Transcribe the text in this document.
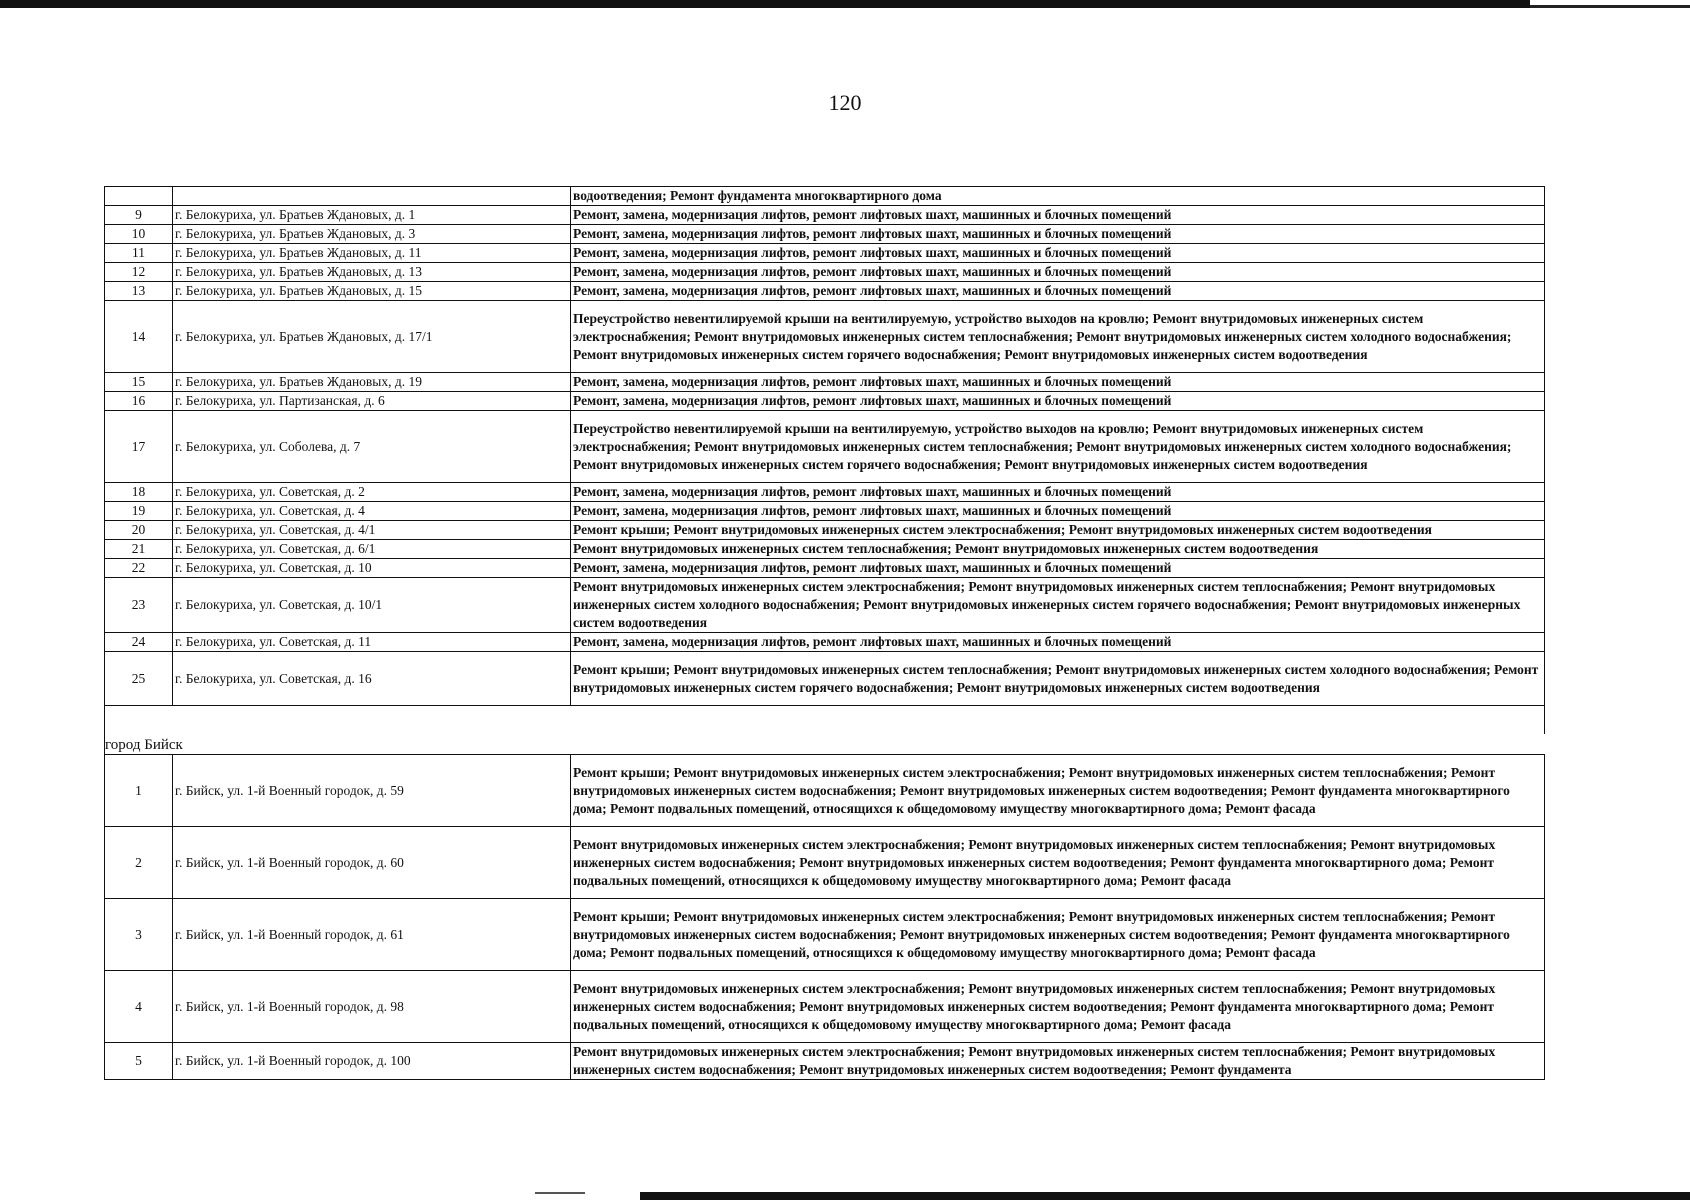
120
		водоотведения; Ремонт фундамента многоквартирного дома
9	г. Белокуриха, ул. Братьев Ждановых, д. 1	Ремонт, замена, модернизация лифтов, ремонт лифтовых шахт, машинных и блочных помещений
10	г. Белокуриха, ул. Братьев Ждановых, д. 3	Ремонт, замена, модернизация лифтов, ремонт лифтовых шахт, машинных и блочных помещений
11	г. Белокуриха, ул. Братьев Ждановых, д. 11	Ремонт, замена, модернизация лифтов, ремонт лифтовых шахт, машинных и блочных помещений
12	г. Белокуриха, ул. Братьев Ждановых, д. 13	Ремонт, замена, модернизация лифтов, ремонт лифтовых шахт, машинных и блочных помещений
13	г. Белокуриха, ул. Братьев Ждановых, д. 15	Ремонт, замена, модернизация лифтов, ремонт лифтовых шахт, машинных и блочных помещений
14	г. Белокуриха, ул. Братьев Ждановых, д. 17/1	Переустройство невентилируемой крыши на вентилируемую, устройство выходов на кровлю; Ремонт внутридомовых инженерных систем электроснабжения; Ремонт внутридомовых инженерных систем теплоснабжения; Ремонт внутридомовых инженерных систем холодного водоснабжения; Ремонт внутридомовых инженерных систем горячего водоснабжения; Ремонт внутридомовых инженерных систем водоотведения
15	г. Белокуриха, ул. Братьев Ждановых, д. 19	Ремонт, замена, модернизация лифтов, ремонт лифтовых шахт, машинных и блочных помещений
16	г. Белокуриха, ул. Партизанская, д. 6	Ремонт, замена, модернизация лифтов, ремонт лифтовых шахт, машинных и блочных помещений
17	г. Белокуриха, ул. Соболева, д. 7	Переустройство невентилируемой крыши на вентилируемую, устройство выходов на кровлю; Ремонт внутридомовых инженерных систем электроснабжения; Ремонт внутридомовых инженерных систем теплоснабжения; Ремонт внутридомовых инженерных систем холодного водоснабжения; Ремонт внутридомовых инженерных систем горячего водоснабжения; Ремонт внутридомовых инженерных систем водоотведения
18	г. Белокуриха, ул. Советская, д. 2	Ремонт, замена, модернизация лифтов, ремонт лифтовых шахт, машинных и блочных помещений
19	г. Белокуриха, ул. Советская, д. 4	Ремонт, замена, модернизация лифтов, ремонт лифтовых шахт, машинных и блочных помещений
20	г. Белокуриха, ул. Советская, д. 4/1	Ремонт крыши; Ремонт внутридомовых инженерных систем электроснабжения; Ремонт внутридомовых инженерных систем водоотведения
21	г. Белокуриха, ул. Советская, д. 6/1	Ремонт внутридомовых инженерных систем теплоснабжения; Ремонт внутридомовых инженерных систем водоотведения
22	г. Белокуриха, ул. Советская, д. 10	Ремонт, замена, модернизация лифтов, ремонт лифтовых шахт, машинных и блочных помещений
23	г. Белокуриха, ул. Советская, д. 10/1	Ремонт внутридомовых инженерных систем электроснабжения; Ремонт внутридомовых инженерных систем теплоснабжения; Ремонт внутридомовых инженерных систем холодного водоснабжения; Ремонт внутридомовых инженерных систем горячего водоснабжения; Ремонт внутридомовых инженерных систем водоотведения
24	г. Белокуриха, ул. Советская, д. 11	Ремонт, замена, модернизация лифтов, ремонт лифтовых шахт, машинных и блочных помещений
25	г. Белокуриха, ул. Советская, д. 16	Ремонт крыши; Ремонт внутридомовых инженерных систем теплоснабжения; Ремонт внутридомовых инженерных систем холодного водоснабжения; Ремонт внутридомовых инженерных систем горячего водоснабжения; Ремонт внутридомовых инженерных систем водоотведения

город Бийск		
1	г. Бийск, ул. 1-й Военный городок, д. 59	Ремонт крыши; Ремонт внутридомовых инженерных систем электроснабжения; Ремонт внутридомовых инженерных систем теплоснабжения; Ремонт внутридомовых инженерных систем водоснабжения; Ремонт внутридомовых инженерных систем водоотведения; Ремонт фундамента многоквартирного дома; Ремонт подвальных помещений, относящихся к общедомовому имуществу многоквартирного дома; Ремонт фасада
2	г. Бийск, ул. 1-й Военный городок, д. 60	Ремонт внутридомовых инженерных систем электроснабжения; Ремонт внутридомовых инженерных систем теплоснабжения; Ремонт внутридомовых инженерных систем водоснабжения; Ремонт внутридомовых инженерных систем водоотведения; Ремонт фундамента многоквартирного дома; Ремонт подвальных помещений, относящихся к общедомовому имуществу многоквартирного дома; Ремонт фасада
3	г. Бийск, ул. 1-й Военный городок, д. 61	Ремонт крыши; Ремонт внутридомовых инженерных систем электроснабжения; Ремонт внутридомовых инженерных систем теплоснабжения; Ремонт внутридомовых инженерных систем водоснабжения; Ремонт внутридомовых инженерных систем водоотведения; Ремонт фундамента многоквартирного дома; Ремонт подвальных помещений, относящихся к общедомовому имуществу многоквартирного дома; Ремонт фасада
4	г. Бийск, ул. 1-й Военный городок, д. 98	Ремонт внутридомовых инженерных систем электроснабжения; Ремонт внутридомовых инженерных систем теплоснабжения; Ремонт внутридомовых инженерных систем водоснабжения; Ремонт внутридомовых инженерных систем водоотведения; Ремонт фундамента многоквартирного дома; Ремонт подвальных помещений, относящихся к общедомовому имуществу многоквартирного дома; Ремонт фасада
5	г. Бийск, ул. 1-й Военный городок, д. 100	Ремонт внутридомовых инженерных систем электроснабжения; Ремонт внутридомовых инженерных систем теплоснабжения; Ремонт внутридомовых инженерных систем водоснабжения; Ремонт внутридомовых инженерных систем водоотведения; Ремонт фундамента
